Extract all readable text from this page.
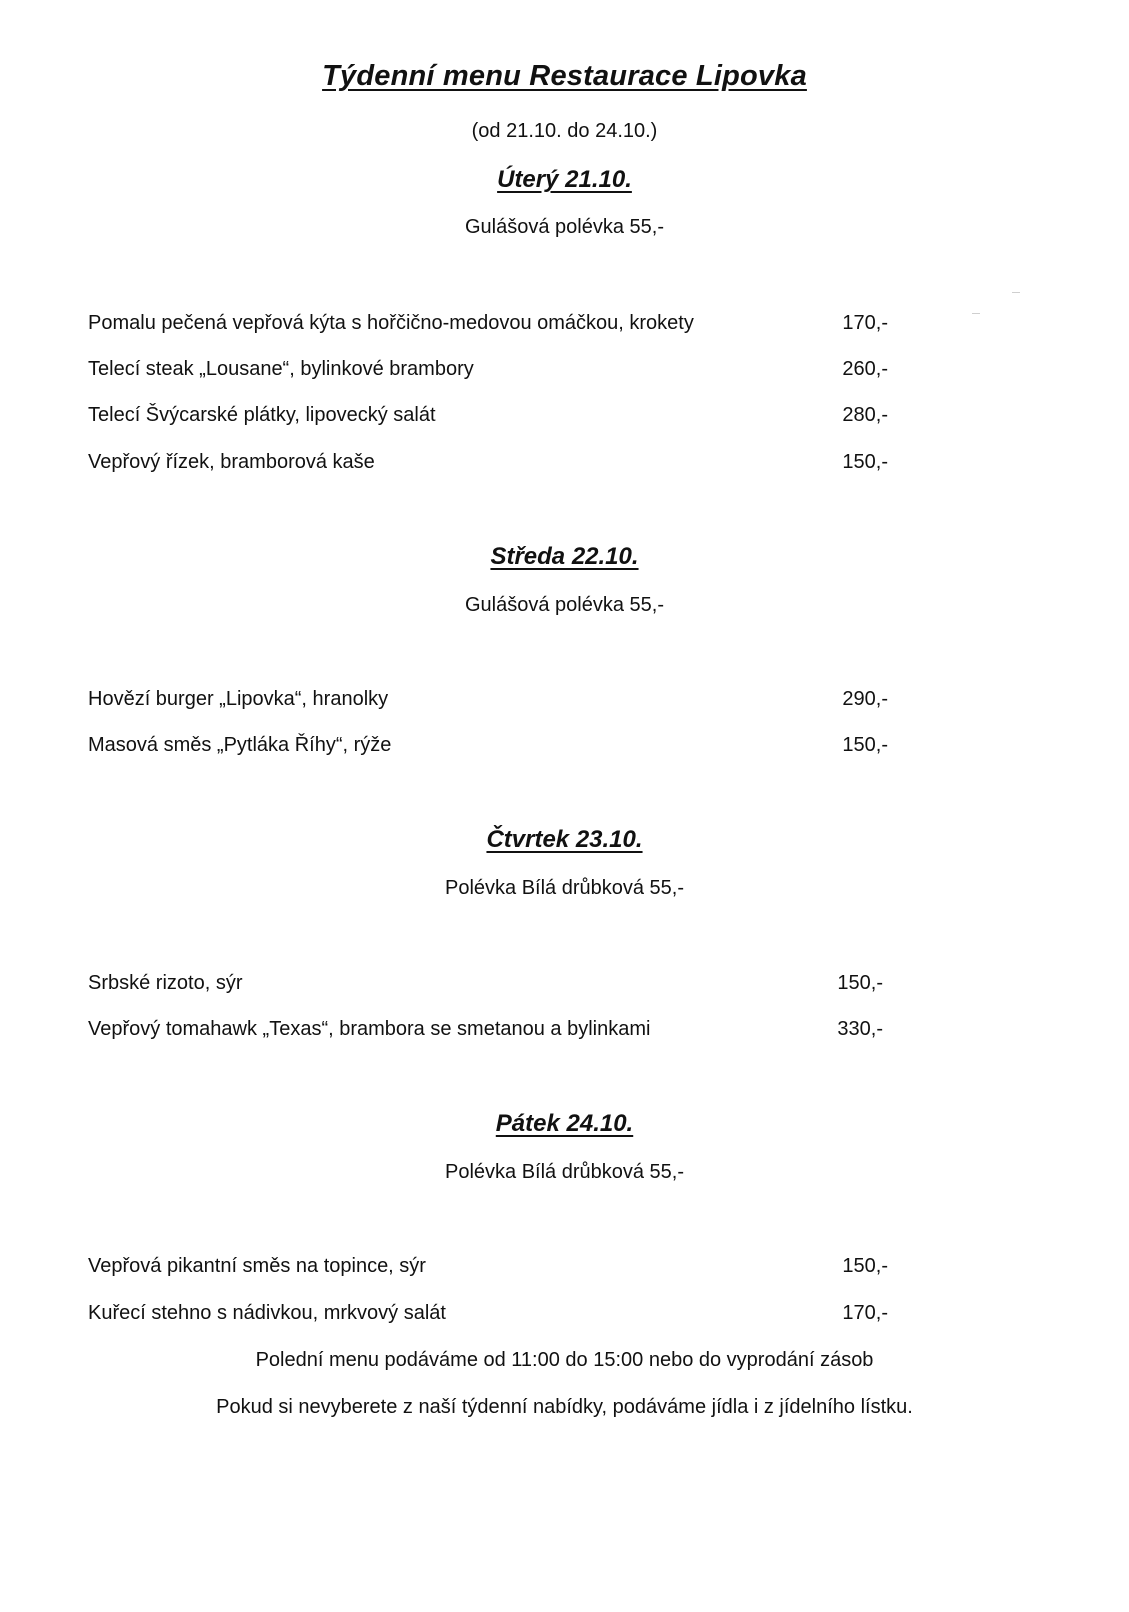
Týdenní menu Restaurace Lipovka
(od 21.10. do 24.10.)
Úterý 21.10.
Gulášová polévka 55,-
Pomalu pečená vepřová kýta s hořčično-medovou omáčkou, krokety	170,-
Telecí steak „Lousane“, bylinkové brambory	260,-
Telecí Švýcarské plátky, lipovecký salát	280,-
Vepřový řízek, bramborová kaše	150,-
Středa 22.10.
Gulášová polévka 55,-
Hovězí burger „Lipovka“, hranolky	290,-
Masová směs „Pytláka Říhy“, rýže	150,-
Čtvrtek 23.10.
Polévka Bílá drůbková 55,-
Srbské rizoto, sýr	150,-
Vepřový tomahawk „Texas“, brambora se smetanou a bylinkami	330,-
Pátek 24.10.
Polévka Bílá drůbková 55,-
Vepřová pikantní směs na topince, sýr	150,-
Kuřecí stehno s nádivkou, mrkvový salát	170,-
Polední menu podáváme od 11:00 do 15:00 nebo do vyprodání zásob
Pokud si nevyberete z naší týdenní nabídky, podáváme jídla i z jídelního lístku.
